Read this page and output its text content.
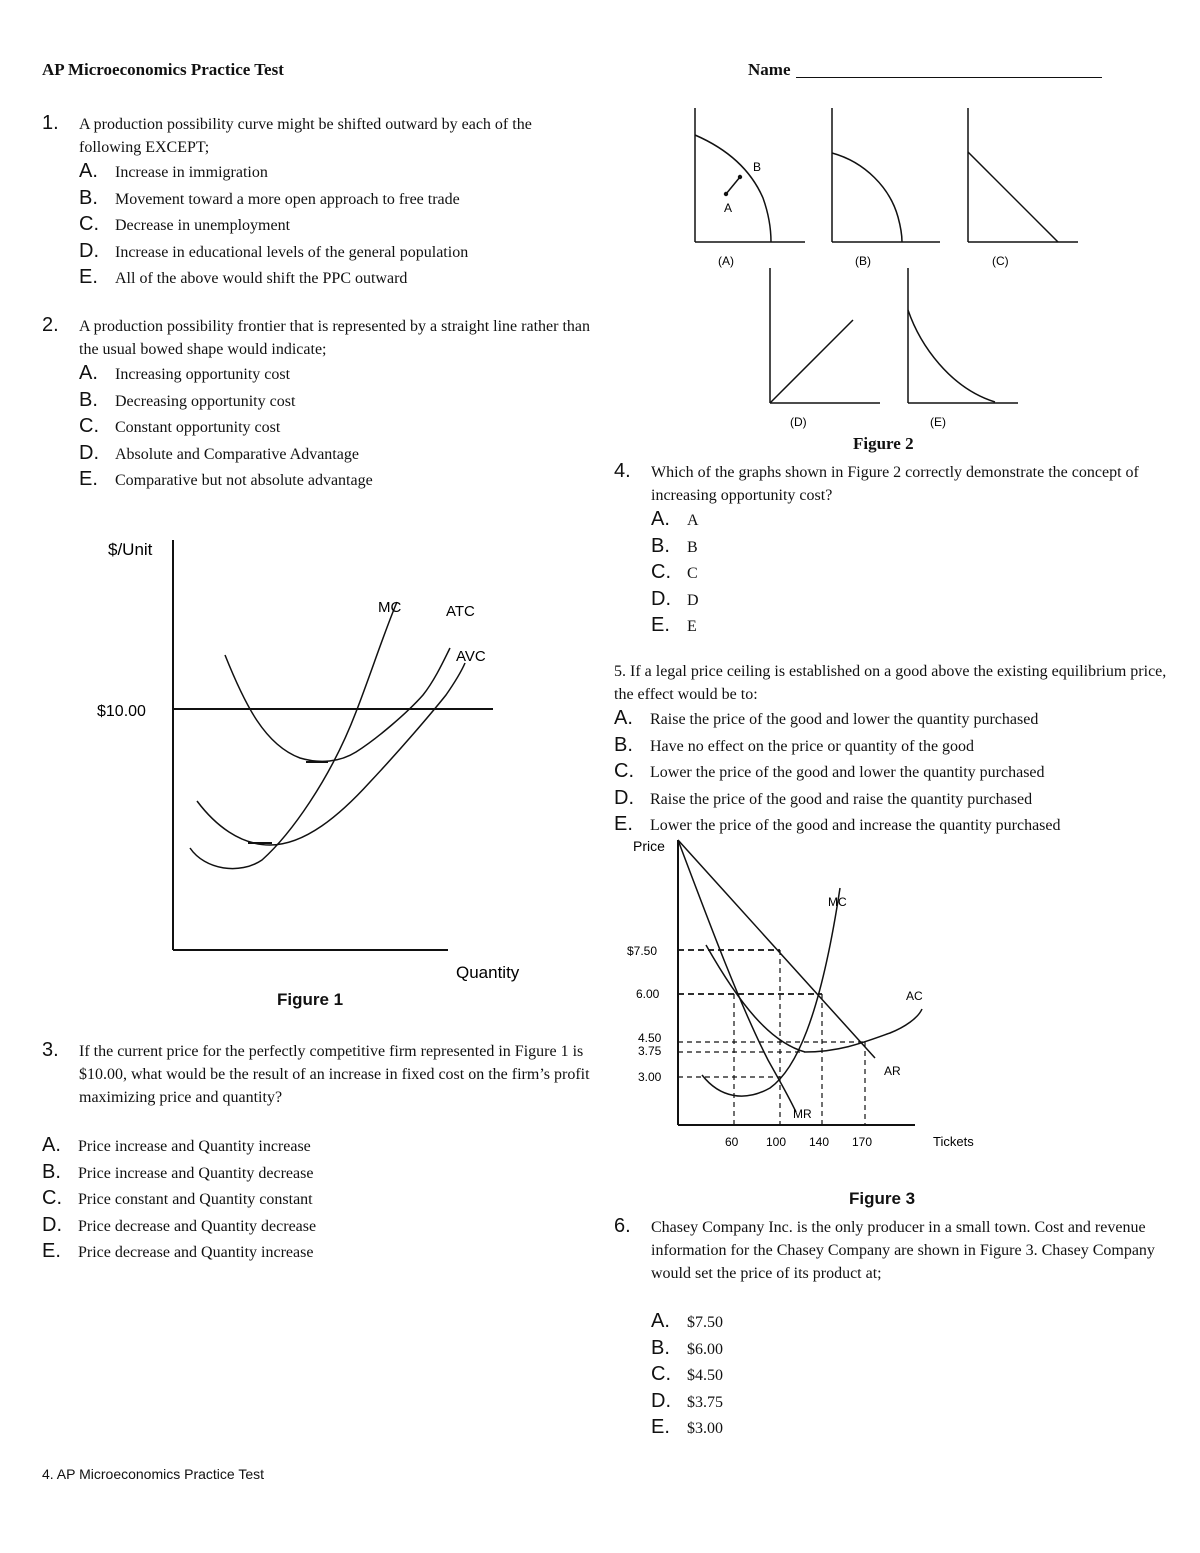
AP Microeconomics Practice Test	Name
1. A production possibility curve might be shifted outward by each of the following EXCEPT;
A. Increase in immigration
B. Movement toward a more open approach to free trade
C. Decrease in unemployment
D. Increase in educational levels of the general population
E. All of the above would shift the PPC outward
2. A production possibility frontier that is represented by a straight line rather than the usual bowed shape would indicate;
A. Increasing opportunity cost
B. Decreasing opportunity cost
C. Constant opportunity cost
D. Absolute and Comparative Advantage
E. Comparative but not absolute advantage
$/Unit
$10.00
MC	ATC
AVC
Quantity
Figure 1
3. If the current price for the perfectly competitive firm represented in Figure 1 is $10.00, what would be the result of an increase in fixed cost on the firm’s profit maximizing price and quantity?
A. Price increase and Quantity increase
B. Price increase and Quantity decrease
C. Price constant and Quantity constant
D. Price decrease and Quantity decrease
E. Price decrease and Quantity increase
A
B
(A)	(B)	(C)
(D)	(E)
Figure 2
4. Which of the graphs shown in Figure 2 correctly demonstrate the concept of increasing opportunity cost?
A. A
B. B
C. C
D. D
E. E
5. If a legal price ceiling is established on a good above the existing equilibrium price, the effect would be to:
A. Raise the price of the good and lower the quantity purchased
B. Have no effect on the price or quantity of the good
C. Lower the price of the good and lower the quantity purchased
D. Raise the price of the good and raise the quantity purchased
E. Lower the price of the good and increase the quantity purchased
Price
$7.50
6.00
4.50
3.75
3.00
60 100 140 170	Tickets
MC
AC
AR
MR
Figure 3
6. Chasey Company Inc. is the only producer in a small town. Cost and revenue information for the Chasey Company are shown in Figure 3. Chasey Company would set the price of its product at;
A. $7.50
B. $6.00
C. $4.50
D. $3.75
E. $3.00
4. AP Microeconomics Practice Test
